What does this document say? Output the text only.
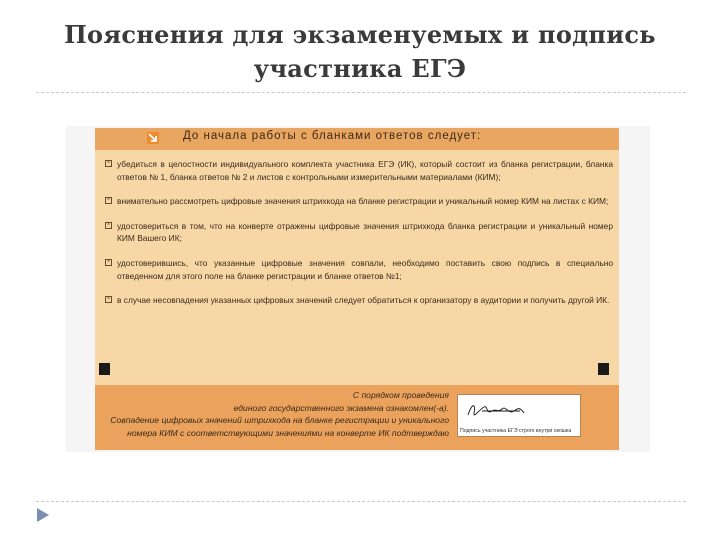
Пояснения для экзаменуемых и подпись
участника ЕГЭ
До начала работы с бланками ответов следует:
× убедиться в целостности индивидуального комплекта участника ЕГЭ (ИК), который состоит из бланка регистрации, бланка ответов № 1, бланка ответов № 2 и листов с контрольными измерительными материалами (КИМ);
× внимательно рассмотреть цифровые значения штрихкода на бланке регистрации и уникальный номер КИМ на листах с КИМ;
× удостовериться в том, что на конверте отражены цифровые значения штрихкода бланка регистрации и уникальный номер КИМ Вашего ИК;
× удостоверившись, что указанные цифровые значения совпали, необходимо поставить свою подпись в специально отведенном для этого поле на бланке регистрации и бланке ответов №1;
× в случае несовпадения указанных цифровых значений следует обратиться к организатору в аудитории и получить другой ИК.
С порядком проведения
единого государственного экзамена ознакомлен(-а).
Совпадение цифровых значений штрихкода на бланке регистрации и уникального
номера КИМ с соответствующими значениями на конверте ИК подтверждаю Подпись участника ЕГЭ строго внутри окошка
